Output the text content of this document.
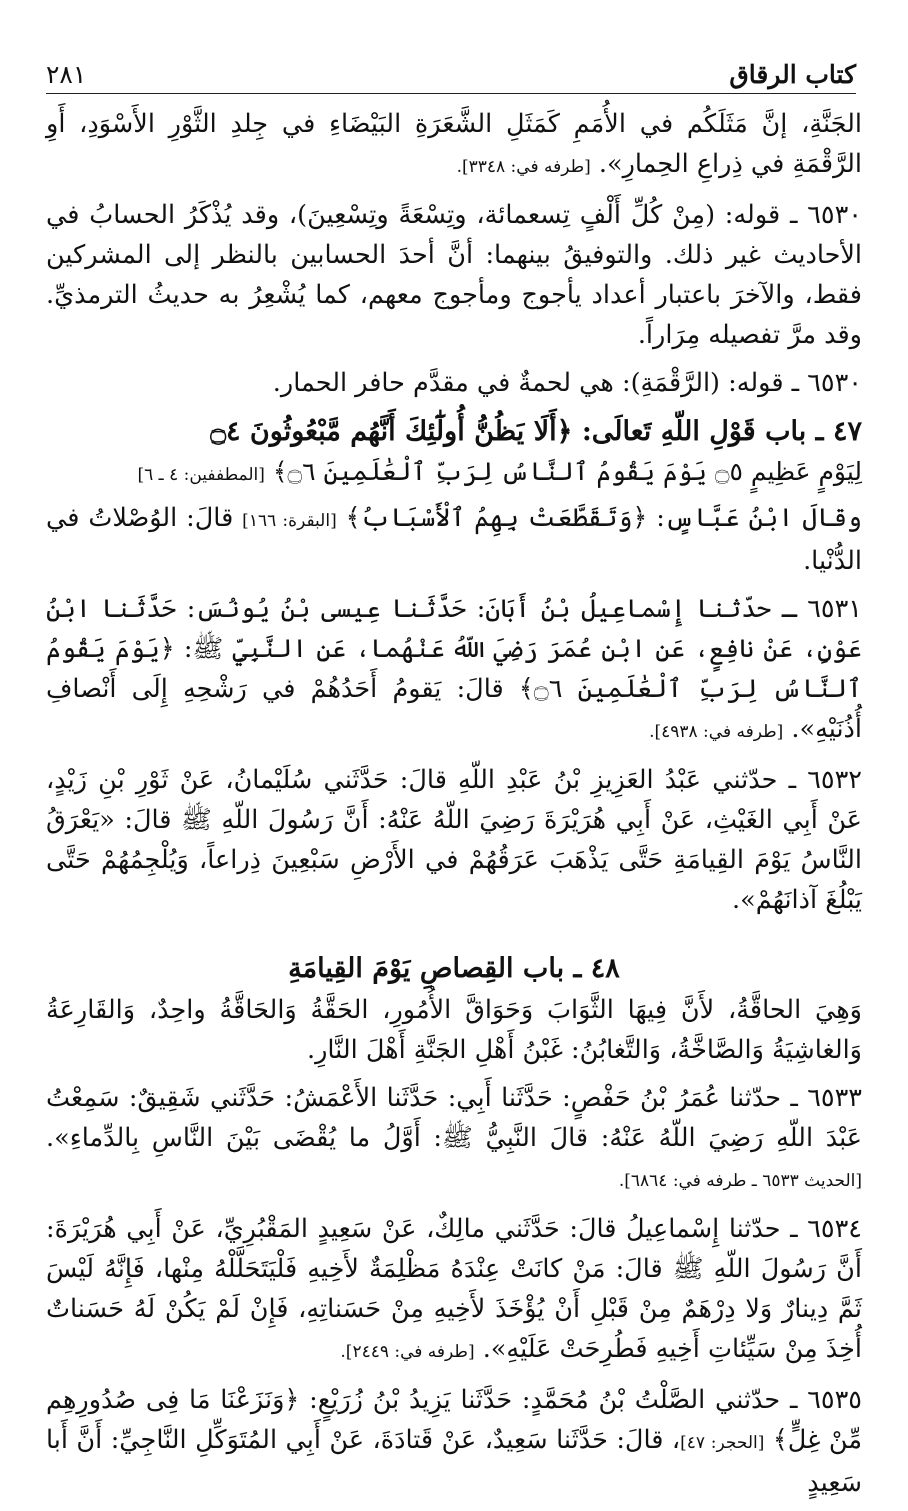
كتاب الرقاق
٢٨١

الجَنَّةِ، إنَّ مَثَلَكُم في الأُمَمِ كَمَثَلِ الشَّعَرَةِ البَيْضَاءِ في جِلدِ الثَّوْرِ الأَسْوَدِ، أَوِ الرَّقْمَةِ في ذِراعِ الحِمارِ». [طرفه في: ٣٣٤٨].

٦٥٣٠ ـ قوله: (مِنْ كُلِّ أَلْفٍ تِسعمائة، وتِسْعَةً وتِسْعِينَ)، وقد يُذْكَرُ الحسابُ في الأحاديث غير ذلك. والتوفيقُ بينهما: أنَّ أحدَ الحسابين بالنظر إلى المشركين فقط، والآخرَ باعتبار أعداد يأجوج ومأجوج معهم، كما يُشْعِرُ به حديثُ الترمذيِّ. وقد مرَّ تفصيله مِرَاراً.

٦٥٣٠ ـ قوله: (الرَّقْمَةِ): هي لحمةٌ في مقدَّم حافر الحمار.

٤٧ ـ باب قَوْلِ اللّهِ تَعالَى: ﴿أَلَا يَظُنُّ أُولَٰٓئِكَ أَنَّهُم مَّبْعُوثُونَ ۝٤

لِيَوْمٍ عَظِيمٍ ۝٥ يَوْمَ يَقُومُ ٱلنَّاسُ لِرَبِّ ٱلْعَٰلَمِينَ ۝٦﴾ [المطففين: ٤ ـ ٦]

وقالَ ابْنُ عَبَّاسٍ: ﴿وَتَقَطَّعَتْ بِهِمُ ٱلْأَسْبَابُ﴾ [البقرة: ١٦٦] قالَ: الوُصْلاتُ في الدُّنْيا.

٦٥٣١ ـ حدّثنا إِسْماعِيلُ بْنُ أَبَانَ: حَدَّثَنا عِيسى بْنُ يُونُسَ: حَدَّثَنا ابْنُ عَوْنٍ، عَنْ نافِعٍ، عَنِ ابْنِ عُمَرَ رَضِيَ اللّهُ عَنْهُما، عَنِ النَّبِيِّ ﷺ: ﴿يَوْمَ يَقُومُ ٱلنَّاسُ لِرَبِّ ٱلْعَٰلَمِينَ ۝٦﴾ قالَ: يَقومُ أَحَدُهُمْ في رَشْحِهِ إِلَى أَنْصافِ أُذُنَيْهِ». [طرفه في: ٤٩٣٨].

٦٥٣٢ ـ حدّثني عَبْدُ العَزِيزِ بْنُ عَبْدِ اللّهِ قالَ: حَدَّثَني سُلَيْمانُ، عَنْ ثَوْرِ بْنِ زَيْدٍ، عَنْ أَبِي الغَيْثِ، عَنْ أَبِي هُرَيْرَةَ رَضِيَ اللّهُ عَنْهُ: أَنَّ رَسُولَ اللّهِ ﷺ قالَ: «يَعْرَقُ النَّاسُ يَوْمَ القِيامَةِ حَتَّى يَذْهَبَ عَرَقُهُمْ في الأَرْضِ سَبْعِينَ ذِراعاً، وَيُلْجِمُهُمْ حَتَّى يَبْلُغَ آذانَهُمْ».

٤٨ ـ باب القِصاصِ يَوْمَ القِيامَةِ

وَهِيَ الحاقَّةُ، لأَنَّ فِيهَا الثَّوَابَ وَحَوَاقَّ الأُمُورِ، الحَقَّةُ وَالحَاقَّةُ واحِدٌ، وَالقَارِعَةُ وَالغاشِيَةُ وَالصَّاخَّةُ، وَالتَّغابُنُ: غَبْنُ أَهْلِ الجَنَّةِ أَهْلَ النَّارِ.

٦٥٣٣ ـ حدّثنا عُمَرُ بْنُ حَفْصٍ: حَدَّثَنا أَبِي: حَدَّثَنا الأَعْمَشُ: حَدَّثَني شَقِيقٌ: سَمِعْتُ عَبْدَ اللّهِ رَضِيَ اللّهُ عَنْهُ: قالَ النَّبِيُّ ﷺ: أَوَّلُ ما يُقْضَى بَيْنَ النَّاسِ بِالدِّماءِ». [الحديث ٦٥٣٣ ـ طرفه في: ٦٨٦٤].

٦٥٣٤ ـ حدّثنا إِسْماعِيلُ قالَ: حَدَّثَني مالِكٌ، عَنْ سَعِيدٍ المَقْبُرِيِّ، عَنْ أَبِي هُرَيْرَةَ: أَنَّ رَسُولَ اللّهِ ﷺ قالَ: مَنْ كانَتْ عِنْدَهُ مَظْلِمَةٌ لأَخِيهِ فَلْيَتَحَلَّلْهُ مِنْها، فَإِنَّهُ لَيْسَ ثَمَّ دِينارٌ وَلا دِرْهَمٌ مِنْ قَبْلِ أَنْ يُؤْخَذَ لأَخِيهِ مِنْ حَسَناتِهِ، فَإِنْ لَمْ يَكُنْ لَهُ حَسَناتٌ أُخِذَ مِنْ سَيِّئاتِ أَخِيهِ فَطُرِحَتْ عَلَيْهِ». [طرفه في: ٢٤٤٩].

٦٥٣٥ ـ حدّثني الصَّلْتُ بْنُ مُحَمَّدٍ: حَدَّثَنا يَزِيدُ بْنُ زُرَيْعٍ: ﴿وَنَزَعْنَا مَا فِى صُدُورِهِم مِّنْ غِلٍّ﴾ [الحجر: ٤٧]، قالَ: حَدَّثَنا سَعِيدٌ، عَنْ قَتادَةَ، عَنْ أَبِي المُتَوَكِّلِ النَّاجِيِّ: أَنَّ أَبا سَعِيدٍ
